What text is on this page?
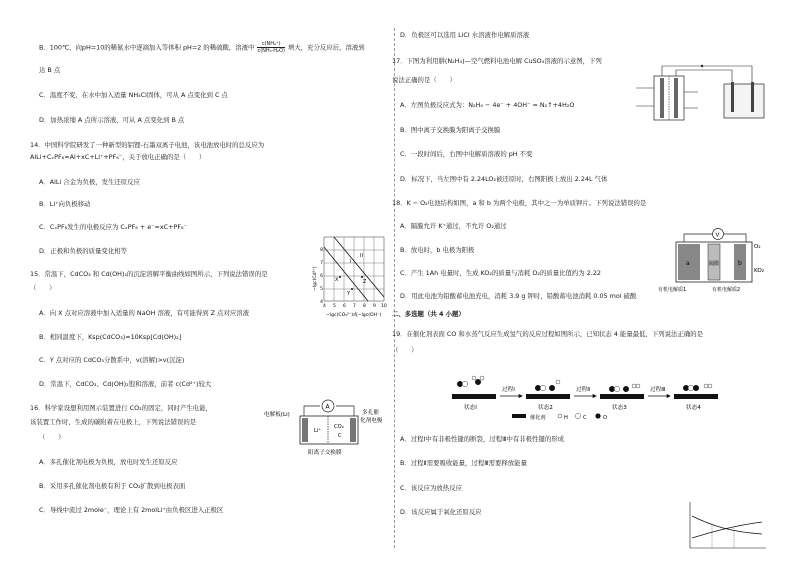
B．100℃，向pH=10的稀氨水中逐滴加入等体积 pH=2 的稀硫酸，溶液中 $\frac{\text{c(NH₄⁺)}}{\text{c(NH₃·H₂O)}}$ 增大，充分反应后，溶液到
达 B 点
C．温度不变，在水中加入适量 NH₄Cl固体，可从 A 点变化到 C 点
D．加热浓缩 A 点所示溶液，可从 A 点变化到 B 点
14．中国科学院研发了一种新型的铝锂-石墨双离子电池，该电池放电时的总反应为
AlLi+CₓPF₆=Al+xC+Li⁺+PF₆⁻，关于放电正确的是（　　）
A．AlLi 合金为负极，发生还原反应
B．Li⁺向负极移动
C．CₓPF₆发生的电极反应为 CₓPF₆ + e⁻=xC+PF₆⁻
D．正极和负极的质量变化相等
15．常温下，CdCO₃ 和 Cd(OH)₂的沉淀溶解平衡曲线如图所示，下列说法错误的是
（　　）
A．向 X 点对应溶液中加入适量的 NaOH 溶液，有可能得到 Z 点对应溶液
B．相同温度下，Ksp(CdCO₃)=10Ksp[Cd(OH)₂]
C．Y 点对应的 CdCO₃分散系中，v(溶解)>v(沉淀)
D．常温下，CdCO₃、Cd(OH)₂饱和溶液，前者 c(Cd²⁺)较大
16．科学家设想利用图示装置进行 CO₂的固定，同时产生电能，
该装置工作时，生成的碳附着在电极上，下列说法错误的是
（　　）
A．多孔催化剂电极为负极，放电时发生还原反应
B．采用多孔催化剂电极有利于 CO₂扩散到电极表面
C．导线中流过 2mole⁻，理论上有 2molLi⁺由负极区进入正极区
I
II
X
Y
Z
−lgc(Cd²⁺)
4 5 6 7 8 9 10
4
5
6
7
8
−lgc(CO₃²⁻)或−lgc(OH⁻)
A
Li⁺
CO₂
C
电解板(Li)	多孔催
化剂电极
阳离子交换膜
D．负极区可以选用 LiCl 水溶液作电解质溶液
17．下图为利用肼(N₂H₄)—空气燃料电池电解 CuSO₄溶液的示意图，下列
说法正确的是（　　）
A．左图负极反应式为：N₂H₄ − 4e⁻ + 4OH⁻ = N₂↑+4H₂O
B．图中离子交换膜为阳离子交换膜
C．一段时间后，右图中电解质溶液的 pH 不变
D．标况下，当左图中有 2.24LO₂被还原时，右图阳极上放出 2.24L 气体
18．K − O₂电池结构如图，a 和 b 为两个电极，其中之一为单质钾片。下列说法错误的是
A．隔膜允许 K⁺通过，不允许 O₂通过
B．放电时，b 电极为阳极
C．产生 1Ah 电量时，生成 KO₂的质量与消耗 O₂的质量比值约为 2.22
D．用此电池为铅酸蓄电池充电，消耗 3.9 g 钾时，铅酸蓄电池消耗 0.05 mol 硫酸
二、多选题（共 4 小题）
19．在催化剂表面 CO 和水蒸气反应生成氢气的反应过程如图所示，已知状态 4 能量最低，下列说法正确的是
（　　）
A．过程Ⅰ中有非极性键的断裂，过程Ⅲ中有非极性键的形成
B．过程Ⅱ需要吸收能量，过程Ⅲ需要释放能量
C．该反应为放热反应
D．该反应属于氧化还原反应
V
a	b
隔膜
O₂
KO₂
有机电解质1	有机电解质2
过程Ⅰ	过程Ⅱ	过程Ⅲ
状态Ⅰ	状态2	状态3	状态4
催化剂	H	C	O
